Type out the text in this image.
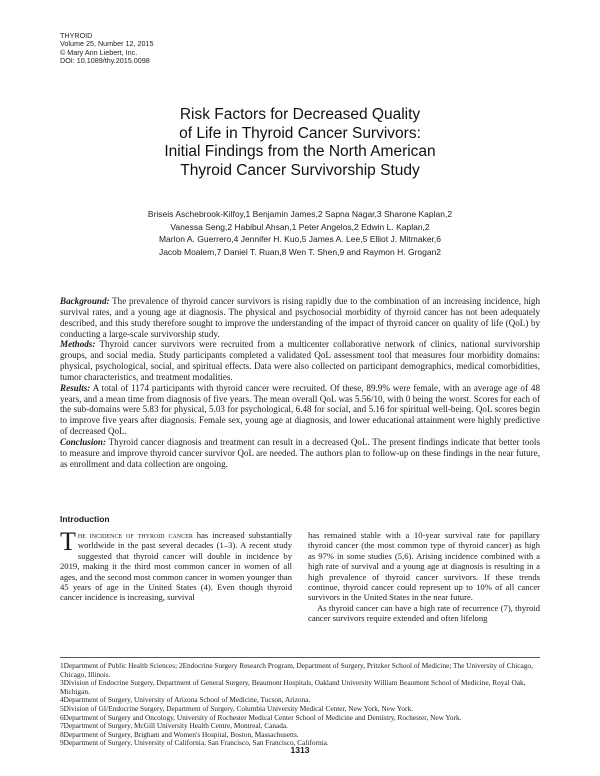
THYROID
Volume 25, Number 12, 2015
© Mary Ann Liebert, Inc.
DOI: 10.1089/thy.2015.0098
Risk Factors for Decreased Quality
of Life in Thyroid Cancer Survivors:
Initial Findings from the North American
Thyroid Cancer Survivorship Study
Briseis Aschebrook-Kilfoy,1 Benjamin James,2 Sapna Nagar,3 Sharone Kaplan,2
Vanessa Seng,2 Habibul Ahsan,1 Peter Angelos,2 Edwin L. Kaplan,2
Marlon A. Guerrero,4 Jennifer H. Kuo,5 James A. Lee,5 Elliot J. Mitmaker,6
Jacob Moalem,7 Daniel T. Ruan,8 Wen T. Shen,9 and Raymon H. Grogan2

Background: The prevalence of thyroid cancer survivors is rising rapidly due to the combination of an increasing incidence, high survival rates, and a young age at diagnosis. The physical and psychosocial morbidity of thyroid cancer has not been adequately described, and this study therefore sought to improve the understanding of the impact of thyroid cancer on quality of life (QoL) by conducting a large-scale survivorship study.

Methods: Thyroid cancer survivors were recruited from a multicenter collaborative network of clinics, national survivorship groups, and social media. Study participants completed a validated QoL assessment tool that measures four morbidity domains: physical, psychological, social, and spiritual effects. Data were also collected on participant demographics, medical comorbidities, tumor characteristics, and treatment modalities.

Results: A total of 1174 participants with thyroid cancer were recruited. Of these, 89.9% were female, with an average age of 48 years, and a mean time from diagnosis of five years. The mean overall QoL was 5.56/10, with 0 being the worst. Scores for each of the sub-domains were 5.83 for physical, 5.03 for psychological, 6.48 for social, and 5.16 for spiritual well-being. QoL scores begin to improve five years after diagnosis. Female sex, young age at diagnosis, and lower educational attainment were highly predictive of decreased QoL.

Conclusion: Thyroid cancer diagnosis and treatment can result in a decreased QoL. The present findings indicate that better tools to measure and improve thyroid cancer survivor QoL are needed. The authors plan to follow-up on these findings in the near future, as enrollment and data collection are ongoing.

Introduction

The incidence of thyroid cancer has increased substantially worldwide in the past several decades (1–3). A recent study suggested that thyroid cancer will double in incidence by 2019, making it the third most common cancer in women of all ages, and the second most common cancer in women younger than 45 years of age in the United States (4). Even though thyroid cancer incidence is increasing, survival

has remained stable with a 10-year survival rate for papillary thyroid cancer (the most common type of thyroid cancer) as high as 97% in some studies (5,6). Arising incidence combined with a high rate of survival and a young age at diagnosis is resulting in a high prevalence of thyroid cancer survivors. If these trends continue, thyroid cancer could represent up to 10% of all cancer survivors in the United States in the near future.

As thyroid cancer can have a high rate of recurrence (7), thyroid cancer survivors require extended and often lifelong

1Department of Public Health Sciences; 2Endocrine Surgery Research Program, Department of Surgery, Pritzker School of Medicine; The University of Chicago, Chicago, Illinois.
3Division of Endocrine Surgery, Department of General Surgery, Beaumont Hospitals, Oakland University William Beaumont School of Medicine, Royal Oak, Michigan.
4Department of Surgery, University of Arizona School of Medicine, Tucson, Arizona.
5Division of GI/Endocrine Surgery, Department of Surgery, Columbia University Medical Center, New York, New York.
6Department of Surgery and Oncology, University of Rochester Medical Center School of Medicine and Dentistry, Rochester, New York.
7Department of Surgery, McGill University Health Centre, Montreal, Canada.
8Department of Surgery, Brigham and Women's Hospital, Boston, Massachusetts.
9Department of Surgery, University of California, San Francisco, San Francisco, California.
1313
